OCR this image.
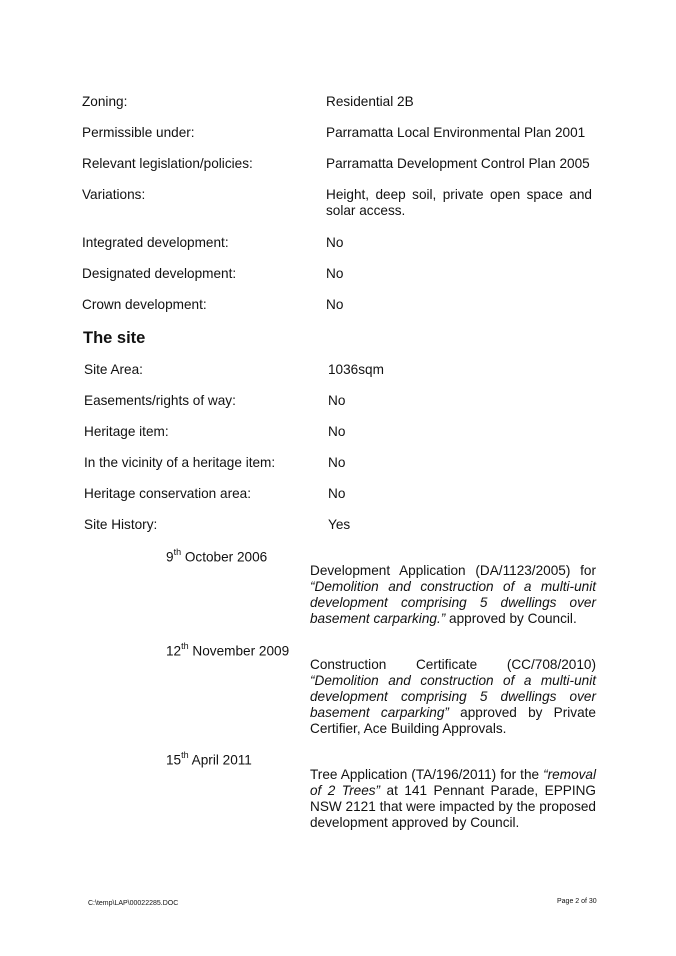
Zoning:	Residential 2B
Permissible under:	Parramatta Local Environmental Plan 2001
Relevant legislation/policies:	Parramatta Development Control Plan 2005
Variations:	Height, deep soil, private open space and solar access.
Integrated development:	No
Designated development:	No
Crown development:	No
The site
Site Area:	1036sqm
Easements/rights of way:	No
Heritage item:	No
In the vicinity of a heritage item:	No
Heritage conservation area:	No
Site History:	Yes
9th October 2006
Development Application (DA/1123/2005) for “Demolition and construction of a multi-unit development comprising 5 dwellings over basement carparking.” approved by Council.
12th November 2009
Construction Certificate (CC/708/2010) “Demolition and construction of a multi-unit development comprising 5 dwellings over basement carparking” approved by Private Certifier, Ace Building Approvals.
15th April 2011
Tree Application (TA/196/2011) for the “removal of 2 Trees” at 141 Pennant Parade, EPPING NSW 2121 that were impacted by the proposed development approved by Council.
C:\temp\LAP\00022285.DOC	Page 2 of 30
